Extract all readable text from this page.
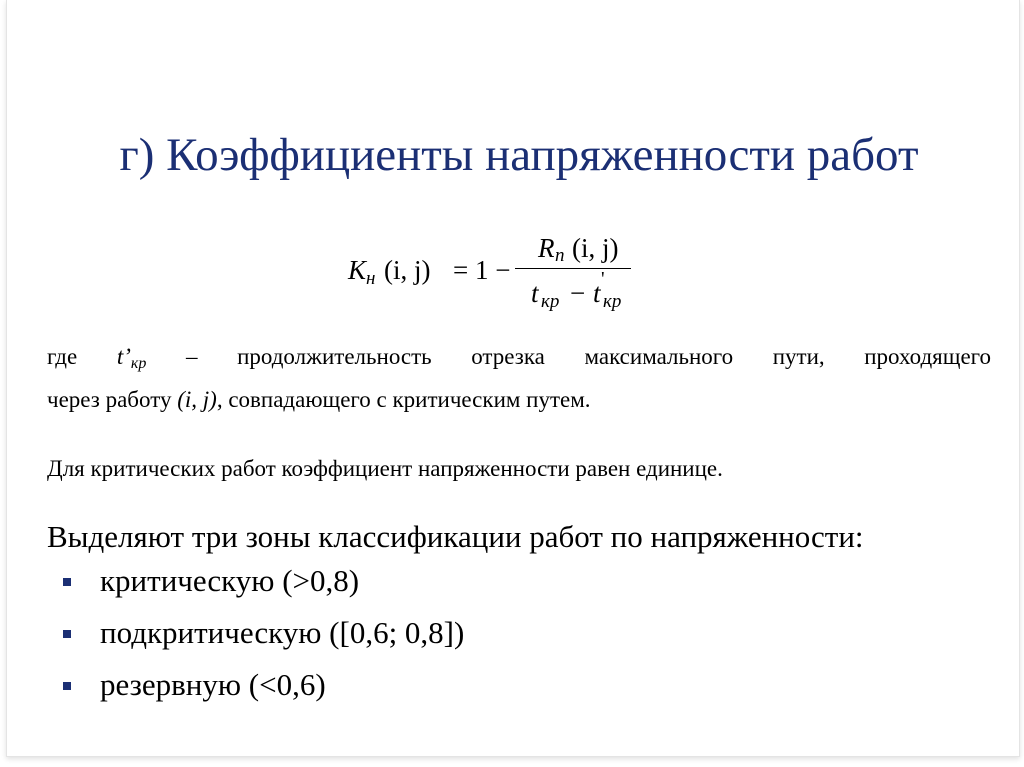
г) Коэффициенты напряженности работ
К н (i, j) = 1 −
R п (i, j)
t кр − t '
кр
где t’кр – продолжительность отрезка максимального пути, проходящего
через работу (i, j), совпадающего с критическим путем.
Для критических работ коэффициент напряженности равен единице.
Выделяют три зоны классификации работ по напряженности:
критическую (>0,8)
подкритическую ([0,6; 0,8])
резервную (<0,6)
